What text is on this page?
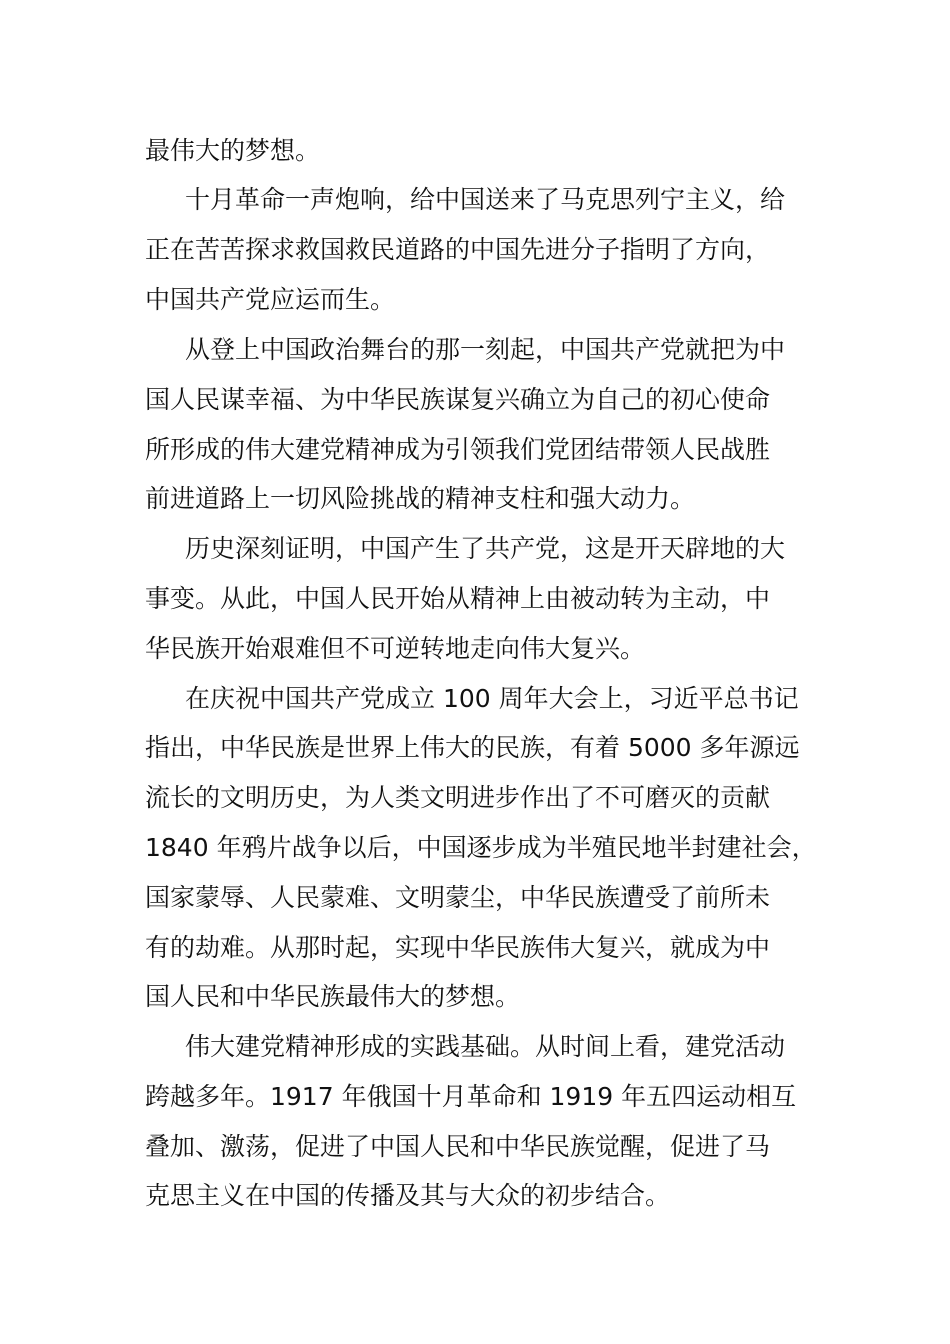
最伟大的梦想。
十月革命一声炮响，给中国送来了马克思列宁主义，给
正在苦苦探求救国救民道路的中国先进分子指明了方向，
中国共产党应运而生。
从登上中国政治舞台的那一刻起，中国共产党就把为中
国人民谋幸福、为中华民族谋复兴确立为自己的初心使命
所形成的伟大建党精神成为引领我们党团结带领人民战胜
前进道路上一切风险挑战的精神支柱和强大动力。
历史深刻证明，中国产生了共产党，这是开天辟地的大
事变。从此，中国人民开始从精神上由被动转为主动，中
华民族开始艰难但不可逆转地走向伟大复兴。
在庆祝中国共产党成立 100 周年大会上，习近平总书记
指出，中华民族是世界上伟大的民族，有着 5000 多年源远
流长的文明历史，为人类文明进步作出了不可磨灭的贡献
1840 年鸦片战争以后，中国逐步成为半殖民地半封建社会，
国家蒙辱、人民蒙难、文明蒙尘，中华民族遭受了前所未
有的劫难。从那时起，实现中华民族伟大复兴，就成为中
国人民和中华民族最伟大的梦想。
伟大建党精神形成的实践基础。从时间上看，建党活动
跨越多年。1917 年俄国十月革命和 1919 年五四运动相互
叠加、激荡，促进了中国人民和中华民族觉醒，促进了马
克思主义在中国的传播及其与大众的初步结合。
